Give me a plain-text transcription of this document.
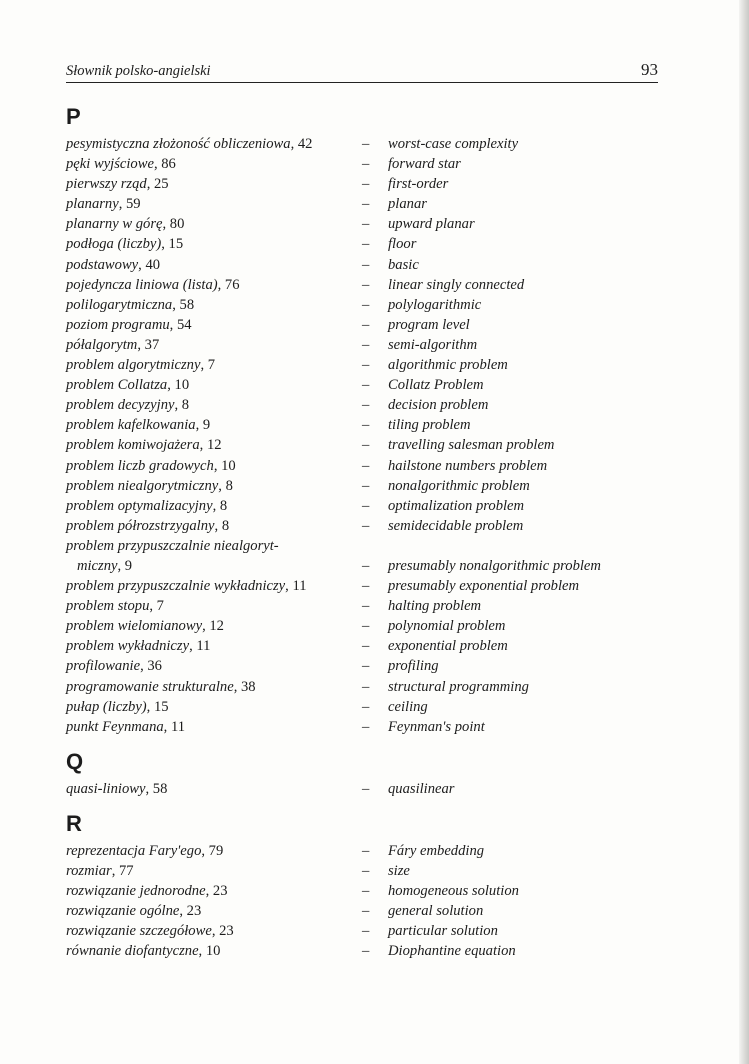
Słownik polsko-angielski	93
P
pesymistyczna złożoność obliczeniowa, 42	– worst-case complexity
pęki wyjściowe, 86	– forward star
pierwszy rząd, 25	– first-order
planarny, 59	– planar
planarny w górę, 80	– upward planar
podłoga (liczby), 15	– floor
podstawowy, 40	– basic
pojedyncza liniowa (lista), 76	– linear singly connected
polilogarytmiczna, 58	– polylogarithmic
poziom programu, 54	– program level
półalgorytm, 37	– semi-algorithm
problem algorytmiczny, 7	– algorithmic problem
problem Collatza, 10	– Collatz Problem
problem decyzyjny, 8	– decision problem
problem kafelkowania, 9	– tiling problem
problem komiwojażera, 12	– travelling salesman problem
problem liczb gradowych, 10	– hailstone numbers problem
problem niealgorytmiczny, 8	– nonalgorithmic problem
problem optymalizacyjny, 8	– optimalization problem
problem półrozstrzygalny, 8	– semidecidable problem
problem przypuszczalnie niealgoryt-
miczny, 9	– presumably nonalgorithmic problem
problem przypuszczalnie wykładniczy, 11	– presumably exponential problem
problem stopu, 7	– halting problem
problem wielomianowy, 12	– polynomial problem
problem wykładniczy, 11	– exponential problem
profilowanie, 36	– profiling
programowanie strukturalne, 38	– structural programming
pułap (liczby), 15	– ceiling
punkt Feynmana, 11	– Feynman's point
Q
quasi-liniowy, 58	– quasilinear
R
reprezentacja Fary'ego, 79	– Fáry embedding
rozmiar, 77	– size
rozwiązanie jednorodne, 23	– homogeneous solution
rozwiązanie ogólne, 23	– general solution
rozwiązanie szczegółowe, 23	– particular solution
równanie diofantyczne, 10	– Diophantine equation
